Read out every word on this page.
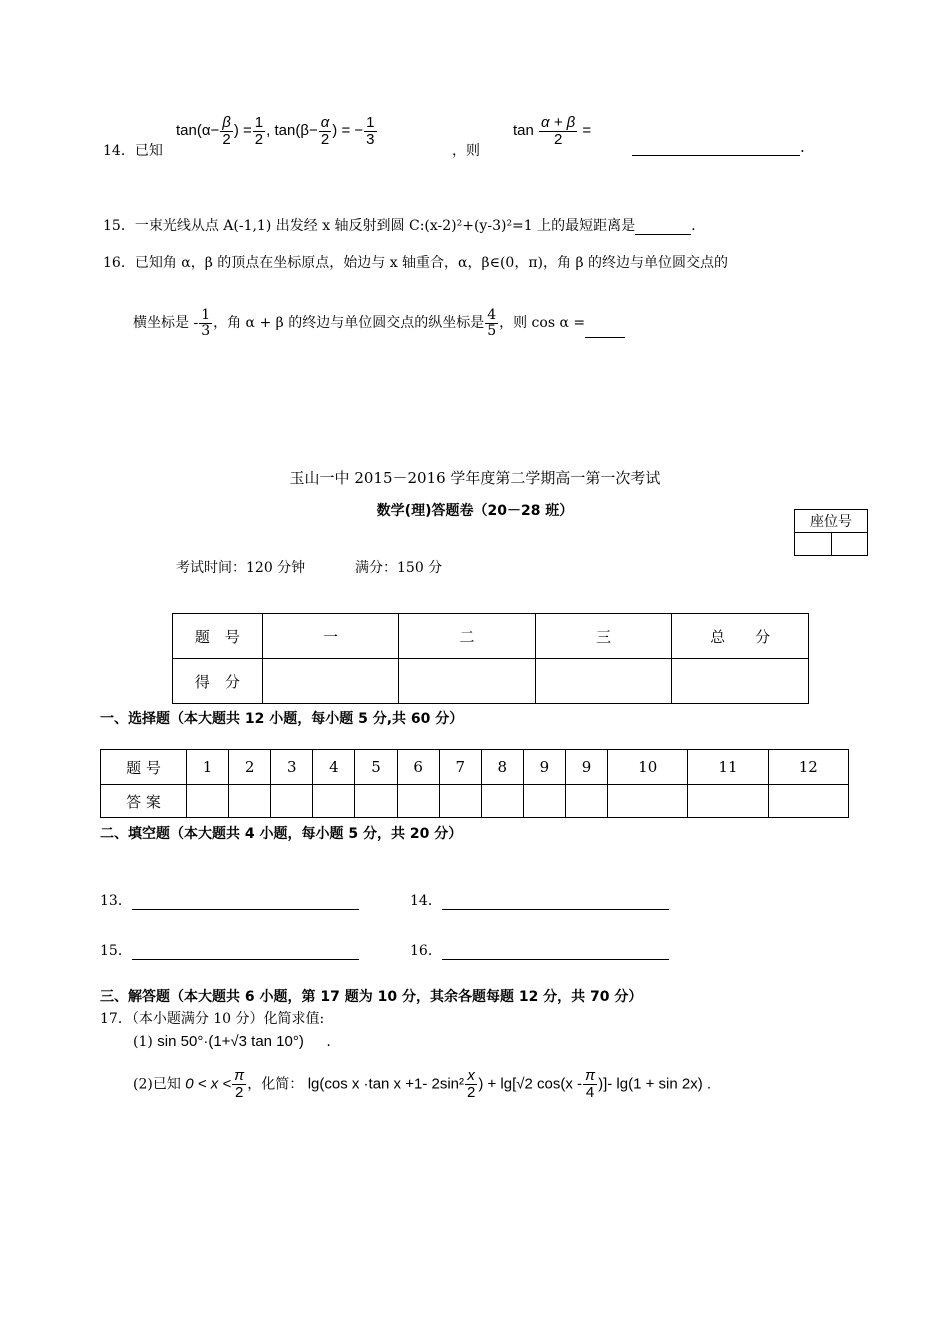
14．已知
$\tan(\alpha- \frac{\beta}{2}$ ) = $\frac{1}{2}$ , $\tan(\beta- \frac{\alpha}{2}$ ) = − $\frac{1}{3}$
，则
$\tan \frac{\alpha + \beta}{2}$ =
.
15．一束光线从点 A(-1,1) 出发经 x 轴反射到圆 C:(x-2)²+(y-3)²=1 上的最短距离是	.
16．已知角 α，β 的顶点在坐标原点，始边与 x 轴重合，α，β∈(0，π)，角 β 的终边与单位圆交点的
横坐标是 - $\frac{1}{3}$ ，角 α + β 的终边与单位圆交点的纵坐标是 $\frac{4}{5}$ ，则 cos α =
玉山一中 2015－2016 学年度第二学期高一第一次考试
数学(理)答题卷（20－28 班）
座位号

考试时间：120 分钟	满分：150 分
题　号	一	二	三	总　　分
得　分				
一、选择题（本大题共 12 小题，每小题 5 分,共 60 分）
题 号	1	2	3	4	5	6	7	8	9	9	10	11	12
答 案													
二、填空题（本大题共 4 小题，每小题 5 分，共 20 分）
13．	14．
15．	16．
三、解答题（本大题共 6 小题，第 17 题为 10 分，其余各题每题 12 分，共 70 分）
17．（本小题满分 10 分）化简求值:
(1) sin 50°·(1+√3 tan 10°) .
(2)已知 $0 < x < \frac{\pi}{2}$ ，化简： lg(cos x ·tan x +1- $2\sin^2 \frac{x}{2}$ ) + lg[√2 $\cos(x - \frac{\pi}{4}$ )]- lg(1 + sin 2x) .
